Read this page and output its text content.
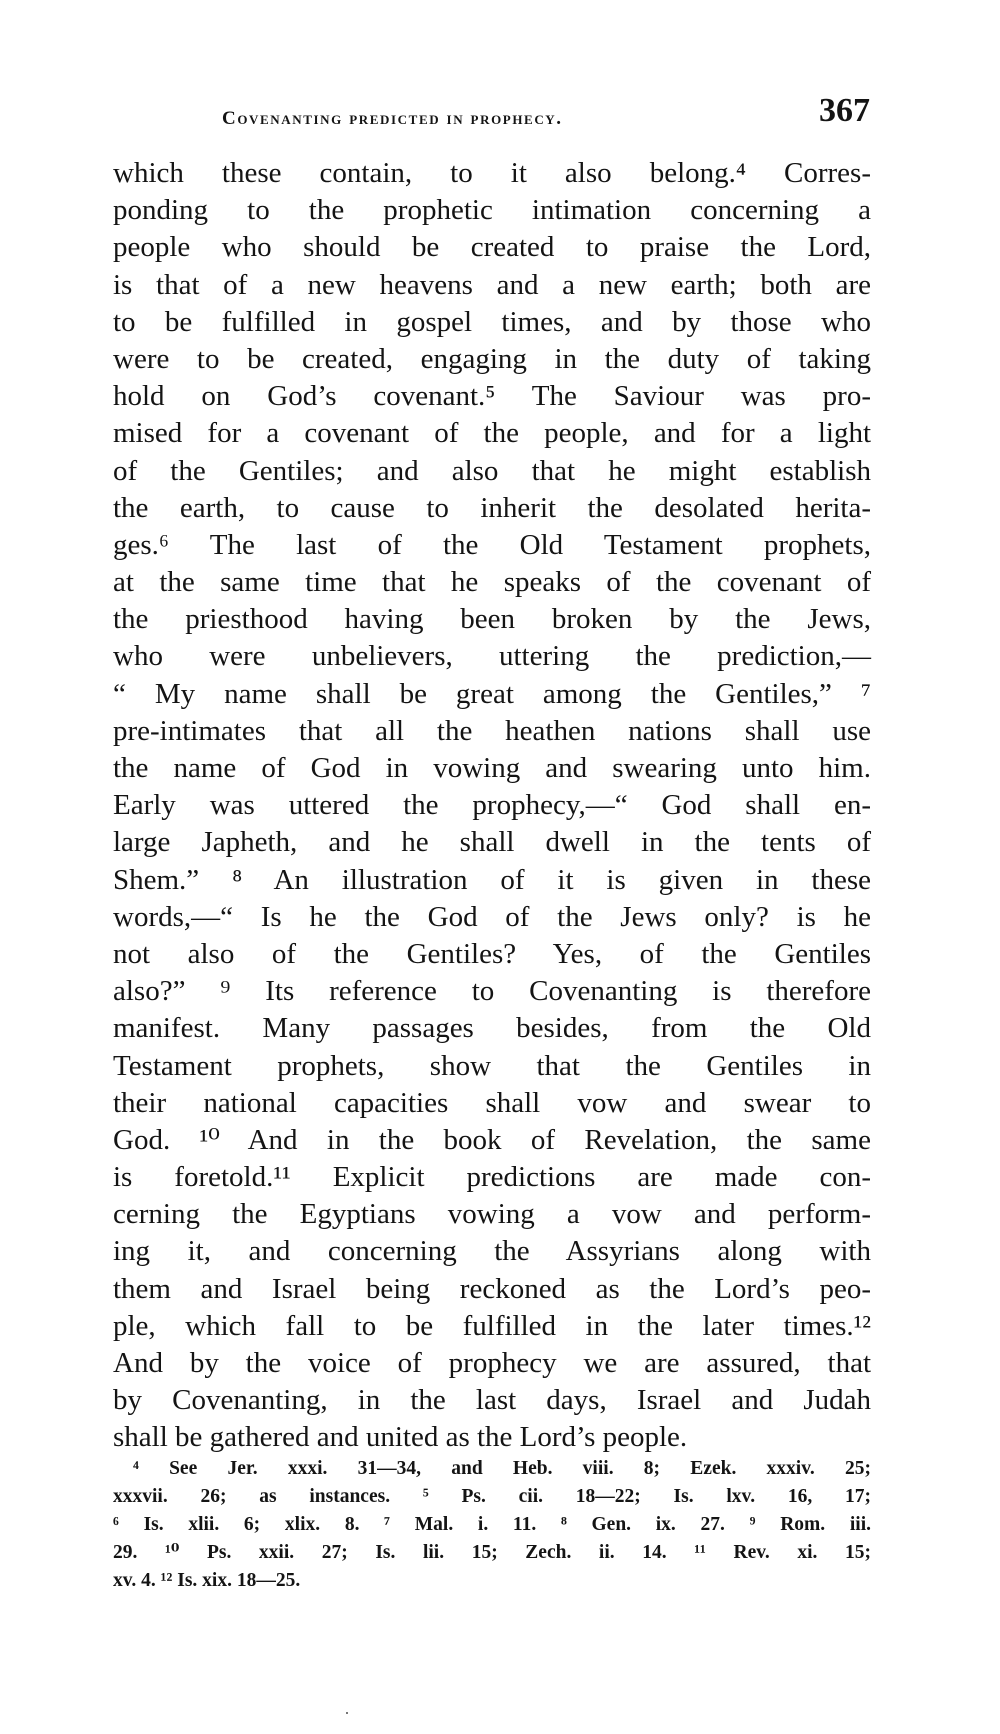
Covenanting predicted in prophecy.	367
which these contain, to it also belong.⁴ Corres-
ponding to the prophetic intimation concerning a
people who should be created to praise the Lord,
is that of a new heavens and a new earth; both are
to be fulfilled in gospel times, and by those who
were to be created, engaging in the duty of taking
hold on God’s covenant.⁵ The Saviour was pro-
mised for a covenant of the people, and for a light
of the Gentiles; and also that he might establish
the earth, to cause to inherit the desolated herita-
ges.⁶ The last of the Old Testament prophets,
at the same time that he speaks of the covenant of
the priesthood having been broken by the Jews,
who were unbelievers, uttering the prediction,—
“ My name shall be great among the Gentiles,” ⁷
pre-intimates that all the heathen nations shall use
the name of God in vowing and swearing unto him.
Early was uttered the prophecy,—“ God shall en-
large Japheth, and he shall dwell in the tents of
Shem.” ⁸ An illustration of it is given in these
words,—“ Is he the God of the Jews only? is he
not also of the Gentiles? Yes, of the Gentiles
also?” ⁹ Its reference to Covenanting is therefore
manifest. Many passages besides, from the Old
Testament prophets, show that the Gentiles in
their national capacities shall vow and swear to
God. ¹⁰ And in the book of Revelation, the same
is foretold.¹¹ Explicit predictions are made con-
cerning the Egyptians vowing a vow and perform-
ing it, and concerning the Assyrians along with
them and Israel being reckoned as the Lord’s peo-
ple, which fall to be fulfilled in the later times.¹²
And by the voice of prophecy we are assured, that
by Covenanting, in the last days, Israel and Judah
shall be gathered and united as the Lord’s people.
⁴ See Jer. xxxi. 31—34, and Heb. viii. 8; Ezek. xxxiv. 25;
xxxvii. 26; as instances. ⁵ Ps. cii. 18—22; Is. lxv. 16, 17;
⁶ Is. xlii. 6; xlix. 8. ⁷ Mal. i. 11. ⁸ Gen. ix. 27. ⁹ Rom. iii.
29. ¹⁰ Ps. xxii. 27; Is. lii. 15; Zech. ii. 14. ¹¹ Rev. xi. 15;
xv. 4. ¹² Is. xix. 18—25.
